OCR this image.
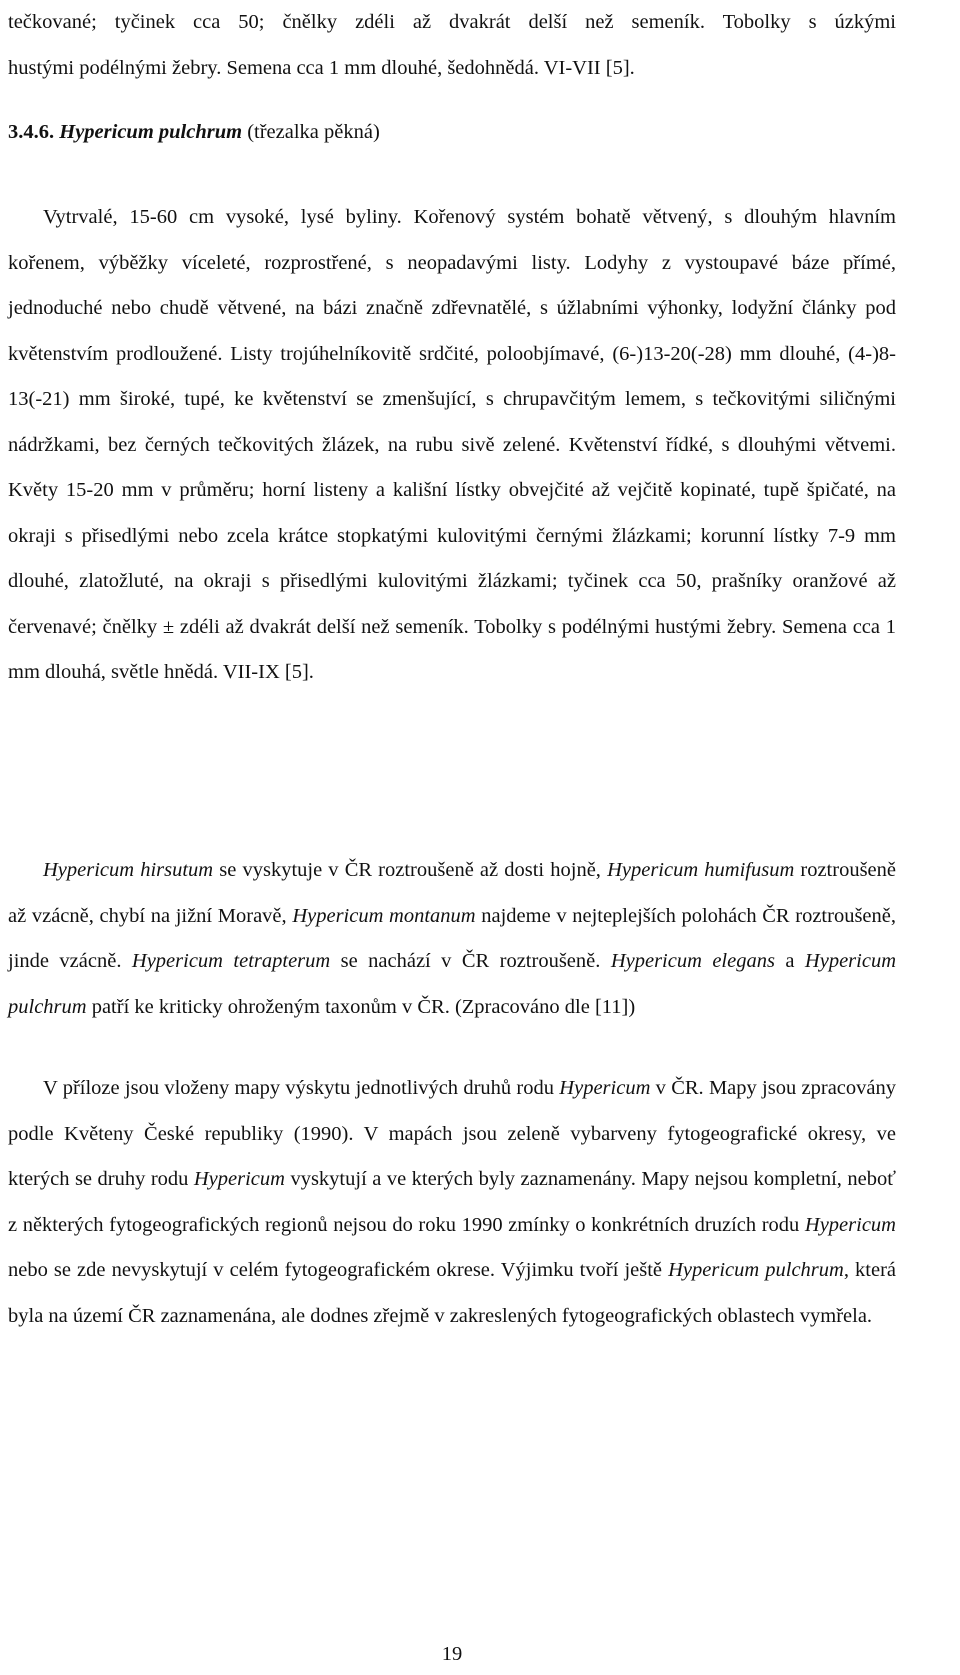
tečkované; tyčinek cca 50; čnělky zdéli až dvakrát delší než semeník. Tobolky s úzkými

hustými podélnými žebry. Semena cca 1 mm dlouhé, šedohnědá. VI-VII [5].

3.4.6. Hypericum pulchrum (třezalka pěkná)

Vytrvalé, 15-60 cm vysoké, lysé byliny. Kořenový systém bohatě větvený, s dlouhým hlavním kořenem, výběžky víceleté, rozprostřené, s neopadavými listy. Lodyhy z vystoupavé báze přímé, jednoduché nebo chudě větvené, na bázi značně zdřevnatělé, s úžlabními výhonky, lodyžní články pod květenstvím prodloužené. Listy trojúhelníkovitě srdčité, poloobjímavé, (6-)13-20(-28) mm dlouhé, (4-)8-13(-21) mm široké, tupé, ke květenství se zmenšující, s chrupavčitým lemem, s tečkovitými siličnými nádržkami, bez černých tečkovitých žlázek, na rubu sivě zelené. Květenství řídké, s dlouhými větvemi. Květy 15-20 mm v průměru; horní listeny a kališní lístky obvejčité až vejčitě kopinaté, tupě špičaté, na okraji s přisedlými nebo zcela krátce stopkatými kulovitými černými žlázkami; korunní lístky 7-9 mm dlouhé, zlatožluté, na okraji s přisedlými kulovitými žlázkami; tyčinek cca 50, prašníky oranžové až červenavé; čnělky ± zdéli až dvakrát delší než semeník. Tobolky s podélnými hustými žebry. Semena cca 1 mm dlouhá, světle hnědá. VII-IX [5].

Hypericum hirsutum se vyskytuje v ČR roztroušeně až dosti hojně, Hypericum humifusum roztroušeně až vzácně, chybí na jižní Moravě, Hypericum montanum najdeme v nejteplejších polohách ČR roztroušeně, jinde vzácně. Hypericum tetrapterum se nachází v ČR roztroušeně. Hypericum elegans a Hypericum pulchrum patří ke kriticky ohroženým taxonům v ČR. (Zpracováno dle [11])

V příloze jsou vloženy mapy výskytu jednotlivých druhů rodu Hypericum v ČR. Mapy jsou zpracovány podle Květeny České republiky (1990). V mapách jsou zeleně vybarveny fytogeografické okresy, ve kterých se druhy rodu Hypericum vyskytují a ve kterých byly zaznamenány. Mapy nejsou kompletní, neboť z některých fytogeografických regionů nejsou do roku 1990 zmínky o konkrétních druzích rodu Hypericum nebo se zde nevyskytují v celém fytogeografickém okrese. Výjimku tvoří ještě Hypericum pulchrum, která byla na území ČR zaznamenána, ale dodnes zřejmě v zakreslených fytogeografických oblastech vymřela.

19
